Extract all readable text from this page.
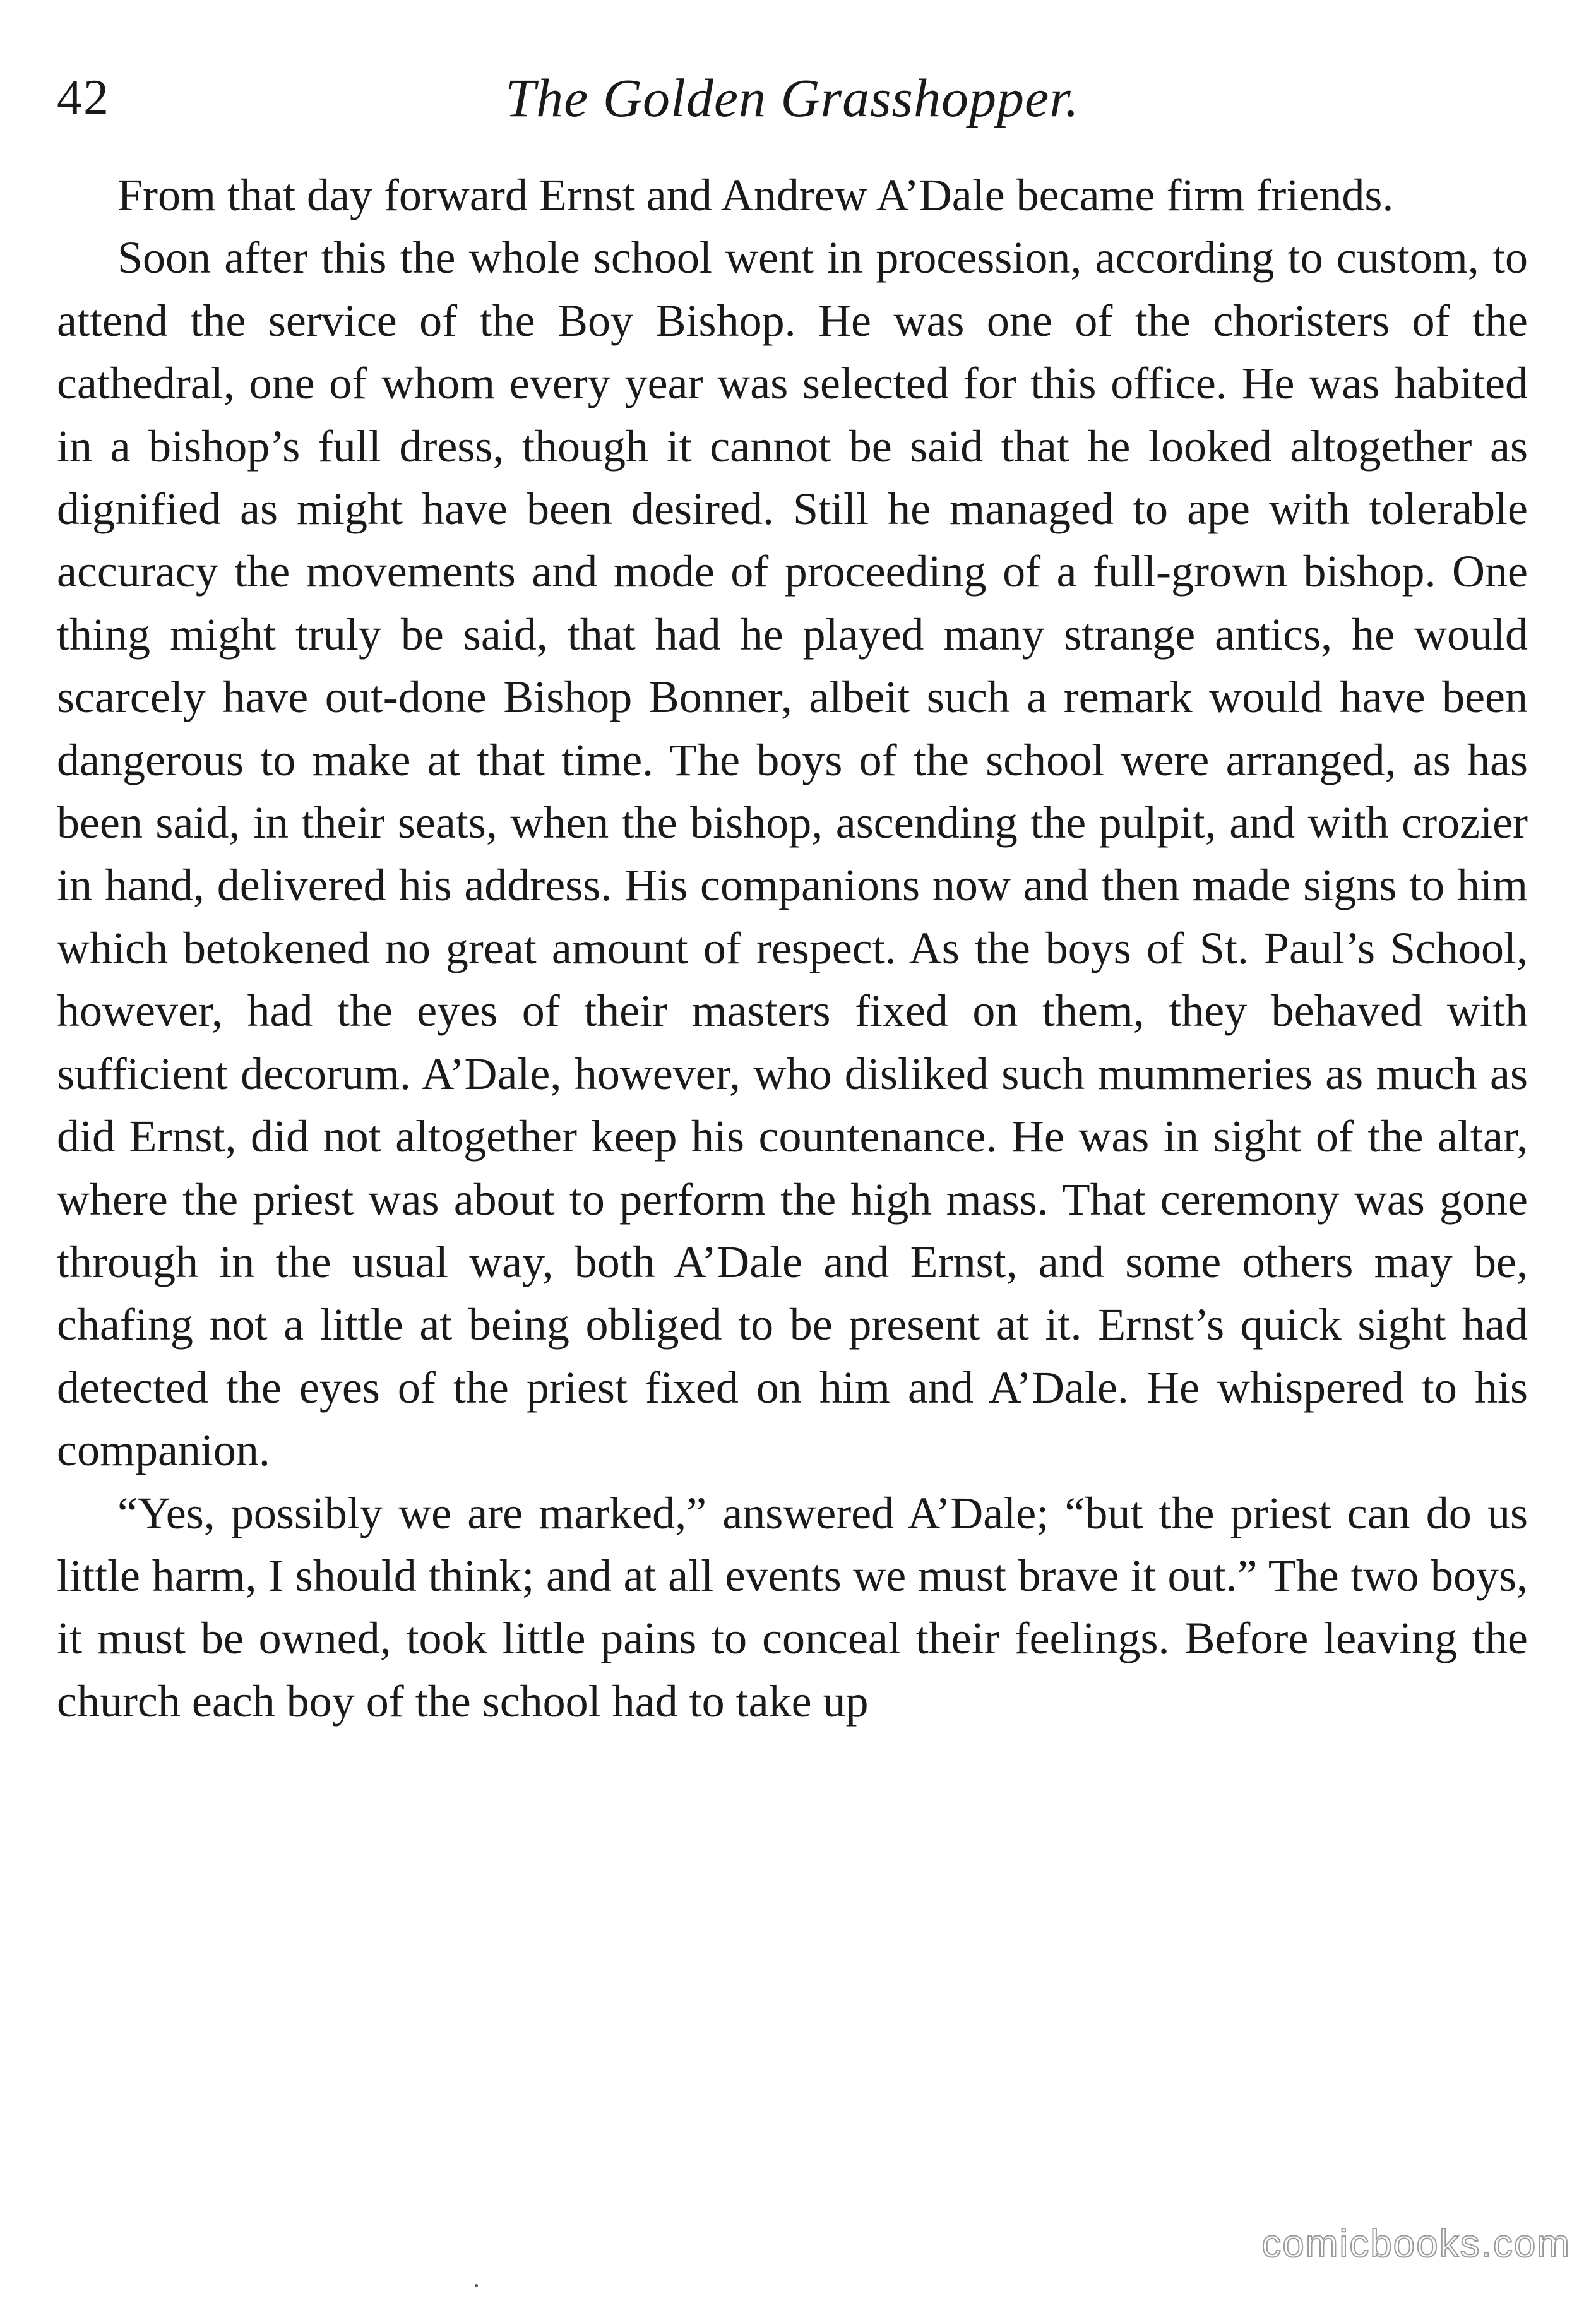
42	The Golden Grasshopper.

From that day forward Ernst and Andrew A’Dale became firm friends.

Soon after this the whole school went in procession, according to custom, to attend the service of the Boy Bishop. He was one of the choristers of the cathedral, one of whom every year was selected for this office. He was habited in a bishop’s full dress, though it cannot be said that he looked altogether as dignified as might have been desired. Still he managed to ape with tolerable accuracy the movements and mode of proceeding of a full-grown bishop. One thing might truly be said, that had he played many strange antics, he would scarcely have out-done Bishop Bonner, albeit such a remark would have been dangerous to make at that time. The boys of the school were arranged, as has been said, in their seats, when the bishop, ascending the pulpit, and with crozier in hand, delivered his address. His companions now and then made signs to him which betokened no great amount of respect. As the boys of St. Paul’s School, however, had the eyes of their masters fixed on them, they behaved with sufficient decorum. A’Dale, however, who disliked such mummeries as much as did Ernst, did not altogether keep his countenance. He was in sight of the altar, where the priest was about to perform the high mass. That ceremony was gone through in the usual way, both A’Dale and Ernst, and some others may be, chafing not a little at being obliged to be present at it. Ernst’s quick sight had detected the eyes of the priest fixed on him and A’Dale. He whispered to his companion.

“Yes, possibly we are marked,” answered A’Dale; “but the priest can do us little harm, I should think; and at all events we must brave it out.” The two boys, it must be owned, took little pains to conceal their feelings. Before leaving the church each boy of the school had to take up

comicbooks.com
